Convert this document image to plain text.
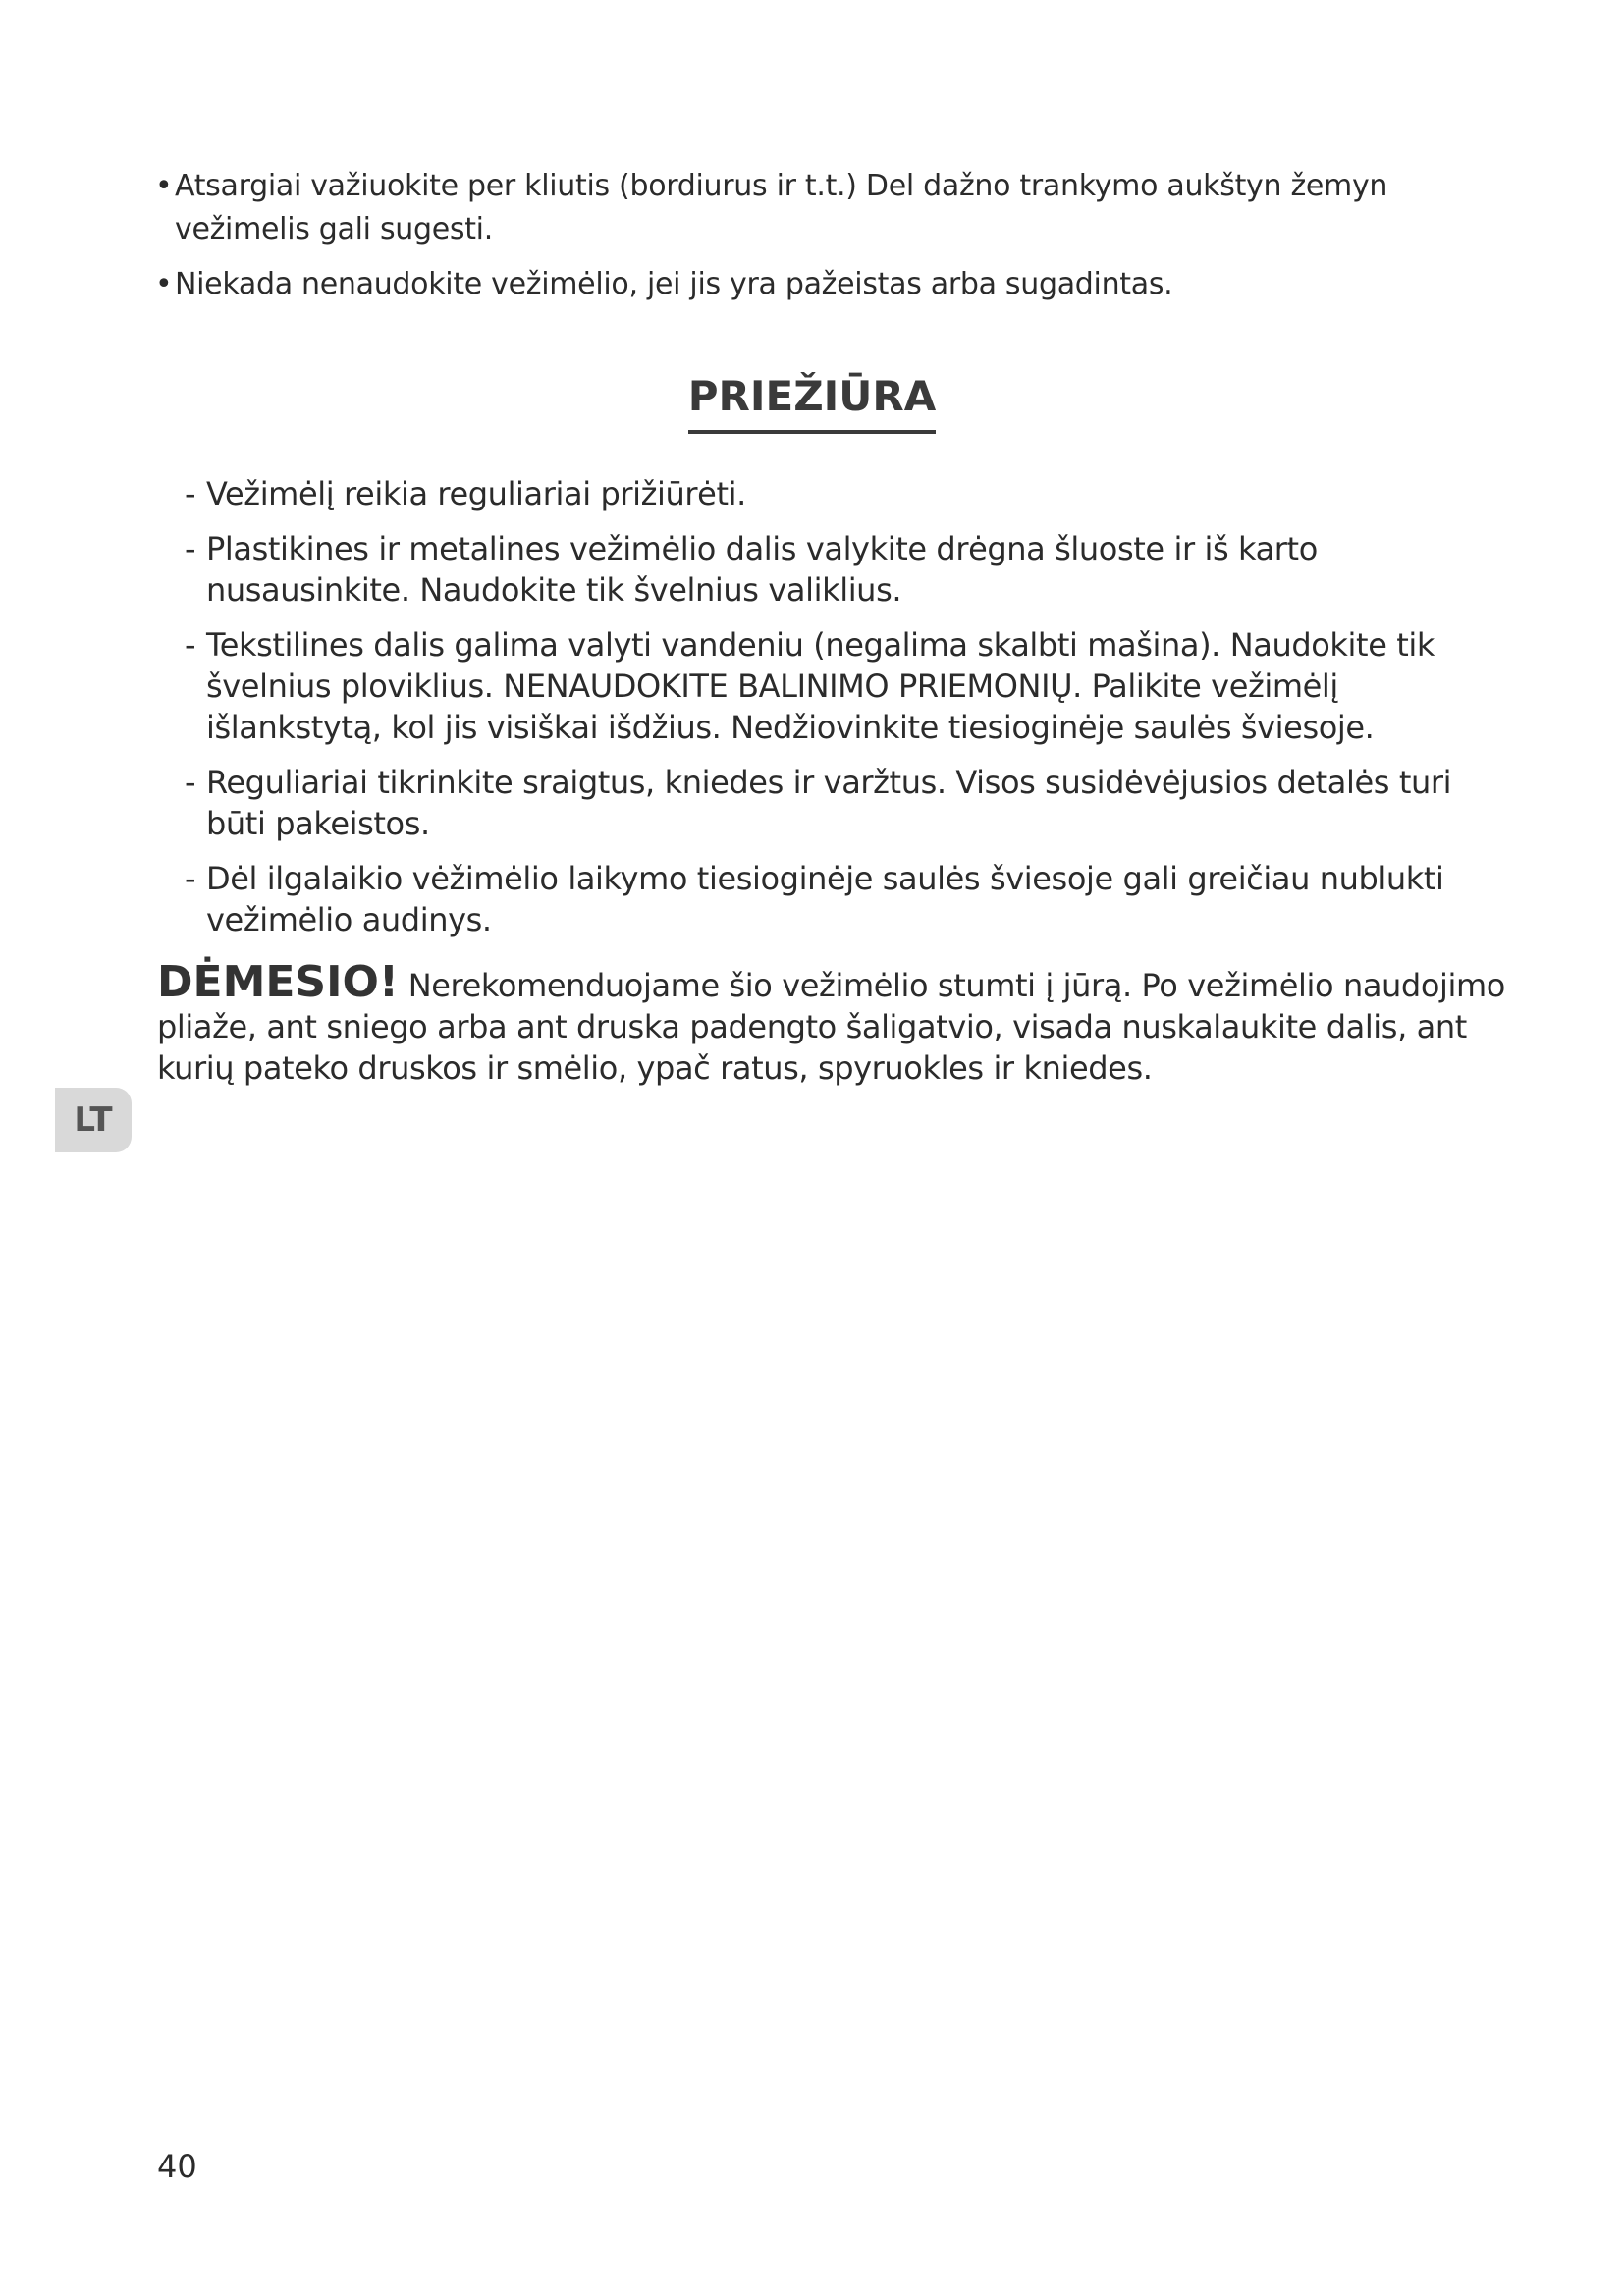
• Atsargiai važiuokite per kliutis (bordiurus ir t.t.) Del dažno trankymo aukštyn žemyn vežimelis gali sugesti.
• Niekada nenaudokite vežimėlio, jei jis yra pažeistas arba sugadintas.
PRIEŽIŪRA
- Vežimėlį reikia reguliariai prižiūrėti.
- Plastikines ir metalines vežimėlio dalis valykite drėgna šluoste ir iš karto nusausinkite. Naudokite tik švelnius valiklius.
- Tekstilines dalis galima valyti vandeniu (negalima skalbti mašina). Naudokite tik švelnius ploviklius. NENAUDOKITE BALINIMO PRIEMONIŲ. Palikite vežimėlį išlankstytą, kol jis visiškai išdžius. Nedžiovinkite tiesioginėje saulės šviesoje.
- Reguliariai tikrinkite sraigtus, kniedes ir varžtus. Visos susidėvėjusios detalės turi būti pakeistos.
- Dėl ilgalaikio vėžimėlio laikymo tiesioginėje saulės šviesoje gali greičiau nublukti vežimėlio audinys.
DĖMESIO! Nerekomenduojame šio vežimėlio stumti į jūrą. Po vežimėlio naudojimo pliaže, ant sniego arba ant druska padengto šaligatvio, visada nuskalaukite dalis, ant kurių pateko druskos ir smėlio, ypač ratus, spyruokles ir kniedes.
LT
40
